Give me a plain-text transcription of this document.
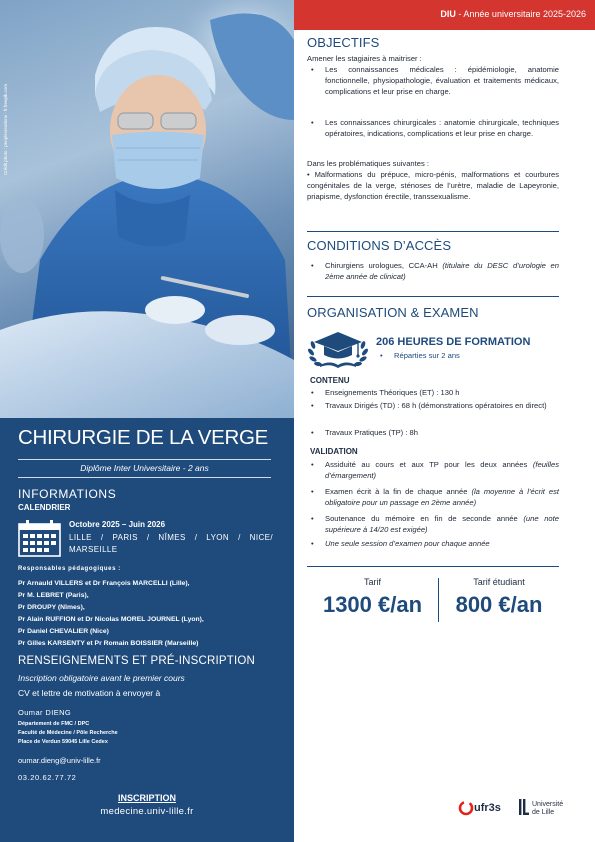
Crédit photo : peoplecreations - fr.freepik.com
CHIRURGIE DE LA VERGE
Diplôme Inter Universitaire - 2 ans
INFORMATIONS
CALENDRIER
Octobre 2025 – Juin 2026
LILLE / PARIS / NÎMES / LYON / NICE/
MARSEILLE
Responsables pédagogiques :
Pr Arnauld VILLERS et Dr François MARCELLI (Lille),
Pr M. LEBRET (Paris),
Pr DROUPY (Nîmes),
Pr Alain RUFFION et Dr Nicolas MOREL JOURNEL (Lyon),
Pr Daniel CHEVALIER (Nice)
Pr Gilles KARSENTY et Pr Romain BOISSIER (Marseille)
RENSEIGNEMENTS ET PRÉ-INSCRIPTION
Inscription obligatoire avant le premier cours
CV et lettre de motivation à envoyer à
Oumar DIENG
Département de FMC / DPC
Faculté de Médecine / Pôle Recherche
Place de Verdun 59045 Lille Cedex
oumar.dieng@univ-lille.fr
03.20.62.77.72
INSCRIPTION
medecine.univ-lille.fr
DIU - Année universitaire 2025-2026
OBJECTIFS
Amener les stagiaires à maitriser :
• Les connaissances médicales : épidémiologie, anatomie fonctionnelle, physiopathologie, évaluation et traitements médicaux, complications et leur prise en charge.
• Les connaissances chirurgicales : anatomie chirurgicale, techniques opératoires, indications, complications et leur prise en charge.
Dans les problématiques suivantes :
• Malformations du prépuce, micro-pénis, malformations et courbures congénitales de la verge, sténoses de l’urètre, maladie de Lapeyronie, priapisme, dysfonction érectile, transsexualisme.
CONDITIONS D’ACCÈS
• Chirurgiens urologues, CCA-AH (titulaire du DESC d’urologie en 2ème année de clinicat)
ORGANISATION & EXAMEN
206 HEURES DE FORMATION
• Réparties sur 2 ans
CONTENU
• Enseignements Théoriques (ET) : 130 h
• Travaux Dirigés (TD) : 68 h (démonstrations opératoires en direct)
• Travaux Pratiques (TP) : 8h
VALIDATION
• Assiduité au cours et aux TP pour les deux années (feuilles d’émargement)
• Examen écrit à la fin de chaque année (la moyenne à l’écrit est obligatoire pour un passage en 2ème année)
• Soutenance du mémoire en fin de seconde année (une note supérieure à 14/20 est exigée)
• Une seule session d’examen pour chaque année
Tarif	Tarif étudiant
1300 €/an	800 €/an
ufr3s	Université
de Lille
